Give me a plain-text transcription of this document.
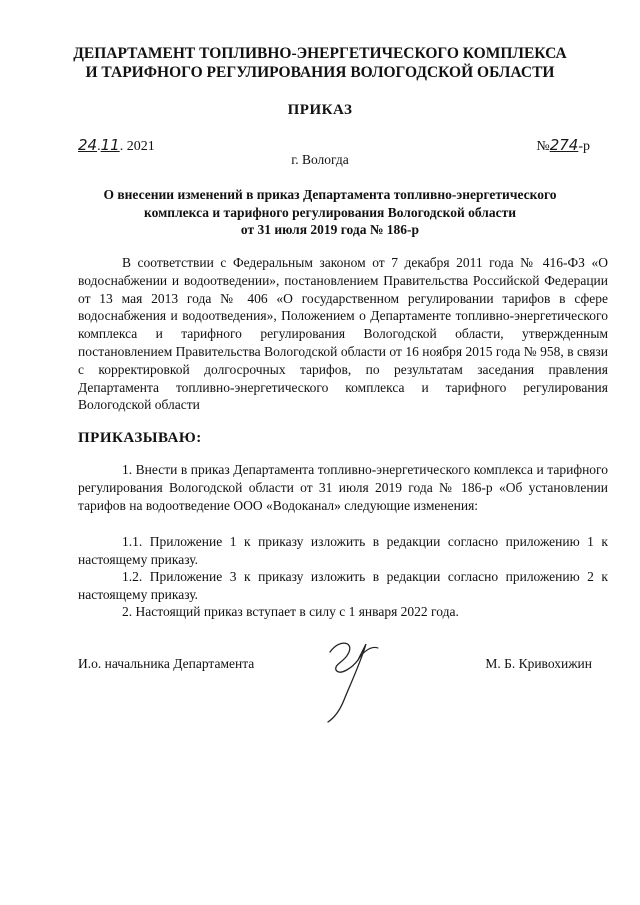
ДЕПАРТАМЕНТ ТОПЛИВНО-ЭНЕРГЕТИЧЕСКОГО КОМПЛЕКСА
И ТАРИФНОГО РЕГУЛИРОВАНИЯ ВОЛОГОДСКОЙ ОБЛАСТИ
ПРИКАЗ
24.11. 2021	№274-р
г. Вологда
О внесении изменений в приказ Департамента топливно-энергетического
комплекса и тарифного регулирования Вологодской области
от 31 июля 2019 года № 186-р

В соответствии с Федеральным законом от 7 декабря 2011 года № 416-ФЗ «О водоснабжении и водоотведении», постановлением Правительства Российской Федерации от 13 мая 2013 года № 406 «О государственном регулировании тарифов в сфере водоснабжения и водоотведения», Положением о Департаменте топливно-энергетического комплекса и тарифного регулирования Вологодской области, утвержденным постановлением Правительства Вологодской области от 16 ноября 2015 года № 958, в связи с корректировкой долгосрочных тарифов, по результатам заседания правления Департамента топливно-энергетического комплекса и тарифного регулирования Вологодской области

ПРИКАЗЫВАЮ:

1. Внести в приказ Департамента топливно-энергетического комплекса и тарифного регулирования Вологодской области от 31 июля 2019 года № 186-р «Об установлении тарифов на водоотведение ООО «Водоканал» следующие изменения:

1.1. Приложение 1 к приказу изложить в редакции согласно приложению 1 к настоящему приказу.

1.2. Приложение 3 к приказу изложить в редакции согласно приложению 2 к настоящему приказу.

2. Настоящий приказ вступает в силу с 1 января 2022 года.

И.о. начальника Департамента	М. Б. Кривохижин
